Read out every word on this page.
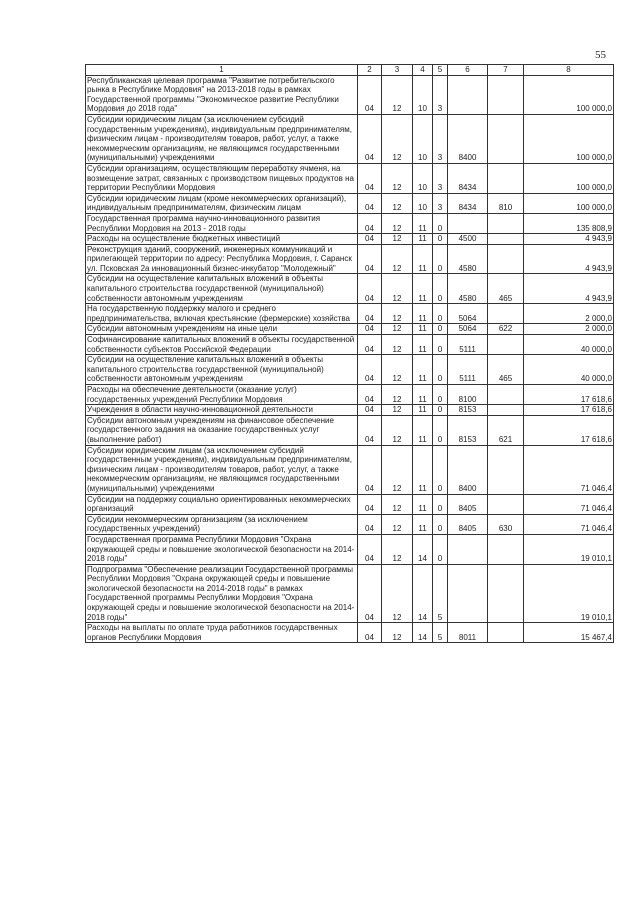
55
1	2	3	4	5	6	7	8
Республиканская целевая программа "Развитие потребительского рынка в Республике Мордовия" на 2013-2018 годы в рамках Государственной программы "Экономическое развитие Республики Мордовия до 2018 года"	04	12	10	3			100 000,0
Субсидии юридическим лицам (за исключением субсидий государственным учреждениям), индивидуальным предпринимателям, физическим лицам - производителям товаров, работ, услуг, а также некоммерческим организациям, не являющимся государственными (муниципальными) учреждениями	04	12	10	3	8400		100 000,0
Субсидии организациям, осуществляющим переработку ячменя, на возмещение затрат, связанных с производством пищевых продуктов на территории Республики Мордовия	04	12	10	3	8434		100 000,0
Субсидии юридическим лицам (кроме некоммерческих организаций), индивидуальным предпринимателям, физическим лицам	04	12	10	3	8434	810	100 000,0
Государственная программа научно-инновационного развития Республики Мордовия на 2013 - 2018 годы	04	12	11	0			135 808,9
Расходы на осуществление бюджетных инвестиций	04	12	11	0	4500		4 943,9
Реконструкция зданий, сооружений, инженерных коммуникаций и прилегающей территории по адресу: Республика Мордовия, г. Саранск ул. Псковская 2а инновационный бизнес-инкубатор "Молодежный"	04	12	11	0	4580		4 943,9
Субсидии на осуществление капитальных вложений в объекты капитального строительства государственной (муниципальной) собственности автономным учреждениям	04	12	11	0	4580	465	4 943,9
На государственную поддержку малого и среднего предпринимательства, включая крестьянские (фермерские) хозяйства	04	12	11	0	5064		2 000,0
Субсидии автономным учреждениям на иные цели	04	12	11	0	5064	622	2 000,0
Софинансирование капитальных вложений в объекты государственной собственности субъектов Российской Федерации	04	12	11	0	5111		40 000,0
Субсидии на осуществление капитальных вложений в объекты капитального строительства государственной (муниципальной) собственности автономным учреждениям	04	12	11	0	5111	465	40 000,0
Расходы на обеспечение деятельности (оказание услуг) государственных учреждений Республики Мордовия	04	12	11	0	8100		17 618,6
Учреждения в области научно-инновационной деятельности	04	12	11	0	8153		17 618,6
Субсидии автономным учреждениям на финансовое обеспечение государственного задания на оказание государственных услуг (выполнение работ)	04	12	11	0	8153	621	17 618,6
Субсидии юридическим лицам (за исключением субсидий государственным учреждениям), индивидуальным предпринимателям, физическим лицам - производителям товаров, работ, услуг, а также некоммерческим организациям, не являющимся государственными (муниципальными) учреждениями	04	12	11	0	8400		71 046,4
Субсидии на поддержку социально ориентированных некоммерческих организаций	04	12	11	0	8405		71 046,4
Субсидии некоммерческим организациям (за исключением государственных учреждений)	04	12	11	0	8405	630	71 046,4
Государственная программа Республики Мордовия "Охрана окружающей среды и повышение экологической безопасности на 2014-2018 годы"	04	12	14	0			19 010,1
Подпрограмма "Обеспечение реализации Государственной программы Республики Мордовия "Охрана окружающей среды и повышение экологической безопасности на 2014-2018 годы" в рамках Государственной программы Республики Мордовия "Охрана окружающей среды и повышение экологической безопасности на 2014-2018 годы"	04	12	14	5			19 010,1
Расходы на выплаты по оплате труда работников государственных органов Республики Мордовия	04	12	14	5	8011		15 467,4
